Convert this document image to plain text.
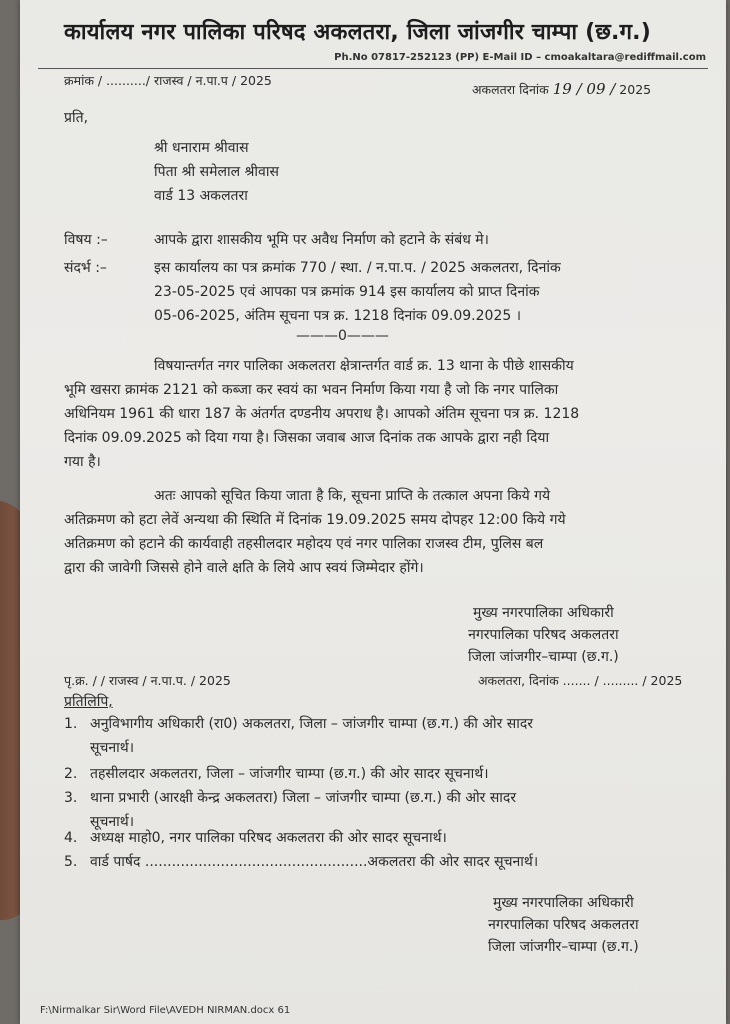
कार्यालय नगर पालिका परिषद अकलतरा, जिला जांजगीर चाम्पा (छ.ग.)
Ph.No 07817-252123 (PP) E-Mail ID – cmoakaltara@rediffmail.com
क्रमांक / ........../ राजस्व / न.पा.प / 2025
अकलतरा दिनांक 19 / 09 / 2025
प्रति,
श्री धनाराम श्रीवास
पिता श्री समेलाल श्रीवास
वार्ड 13 अकलतरा
विषय :–	आपके द्वारा शासकीय भूमि पर अवैध निर्माण को हटाने के संबंध मे।
संदर्भ :–	इस कार्यालय का पत्र क्रमांक 770 / स्था. / न.पा.प. / 2025 अकलतरा, दिनांक
23-05-2025 एवं आपका पत्र क्रमांक 914 इस कार्यालय को प्राप्त दिनांक
05-06-2025, अंतिम सूचना पत्र क्र. 1218 दिनांक 09.09.2025 ।
———0———
विषयान्तर्गत नगर पालिका अकलतरा क्षेत्रान्तर्गत वार्ड क्र. 13 थाना के पीछे शासकीय
भूमि खसरा क्रामंक 2121 को कब्जा कर स्वयं का भवन निर्माण किया गया है जो कि नगर पालिका
अधिनियम 1961 की धारा 187 के अंतर्गत दण्डनीय अपराध है। आपको अंतिम सूचना पत्र क्र. 1218
दिनांक 09.09.2025 को दिया गया है। जिसका जवाब आज दिनांक तक आपके द्वारा नही दिया
गया है।
अतः आपको सूचित किया जाता है कि, सूचना प्राप्ति के तत्काल अपना किये गये
अतिक्रमण को हटा लेवें अन्यथा की स्थिति में दिनांक 19.09.2025 समय दोपहर 12:00 किये गये
अतिक्रमण को हटाने की कार्यवाही तहसीलदार महोदय एवं नगर पालिका राजस्व टीम, पुलिस बल
द्वारा की जावेगी जिससे होने वाले क्षति के लिये आप स्वयं जिम्मेदार होंगे।
मुख्य नगरपालिका अधिकारी
नगरपालिका परिषद अकलतरा
जिला जांजगीर–चाम्पा (छ.ग.)
पृ.क्र. / / राजस्व / न.पा.प. / 2025	अकलतरा, दिनांक ....... / ......... / 2025
प्रतिलिपि,
1. अनुविभागीय अधिकारी (रा0) अकलतरा, जिला – जांजगीर चाम्पा (छ.ग.) की ओर सादर
सूचनार्थ।
2. तहसीलदार अकलतरा, जिला – जांजगीर चाम्पा (छ.ग.) की ओर सादर सूचनार्थ।
3. थाना प्रभारी (आरक्षी केन्द्र अकलतरा) जिला – जांजगीर चाम्पा (छ.ग.) की ओर सादर
सूचनार्थ।
4. अध्यक्ष माहो0, नगर पालिका परिषद अकलतरा की ओर सादर सूचनार्थ।
5. वार्ड पार्षद ..................................................अकलतरा की ओर सादर सूचनार्थ।
मुख्य नगरपालिका अधिकारी
नगरपालिका परिषद अकलतरा
जिला जांजगीर–चाम्पा (छ.ग.)
F:\Nirmalkar Sir\Word File\AVEDH NIRMAN.docx 61
